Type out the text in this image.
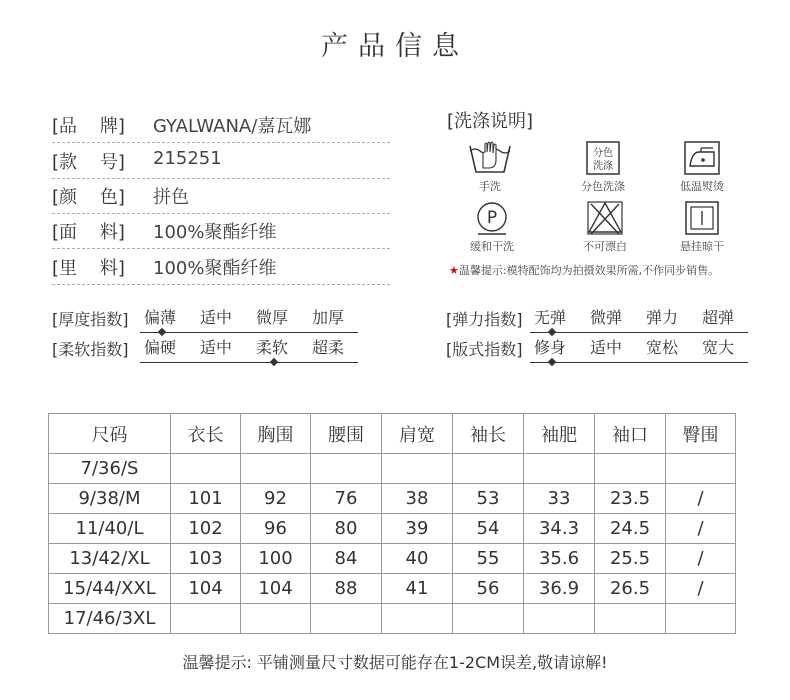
产品信息
[品    牌] GYALWANA/嘉瓦娜
[款    号] 215251
[颜    色] 拼色
[面    料] 100%聚酯纤维
[里    料] 100%聚酯纤维
[洗涤说明]
手洗
分色
洗涤
分色洗涤	低温熨烫
P
缓和干洗	不可漂白	悬挂晾干
★温馨提示:模特配饰均为拍摄效果所需,不作同步销售。
[厚度指数] 偏薄 适中 微厚 加厚
[柔软指数] 偏硬 适中 柔软 超柔
[弹力指数] 无弹 微弹 弹力 超弹
[版式指数] 修身 适中 宽松 宽大
尺码	衣长	胸围	腰围	肩宽	袖长	袖肥	袖口	臀围
7/36/S								
9/38/M	101	92	76	38	53	33	23.5	/
11/40/L	102	96	80	39	54	34.3	24.5	/
13/42/XL	103	100	84	40	55	35.6	25.5	/
15/44/XXL	104	104	88	41	56	36.9	26.5	/
17/46/3XL								
温馨提示: 平铺测量尺寸数据可能存在1-2CM误差,敬请谅解!
